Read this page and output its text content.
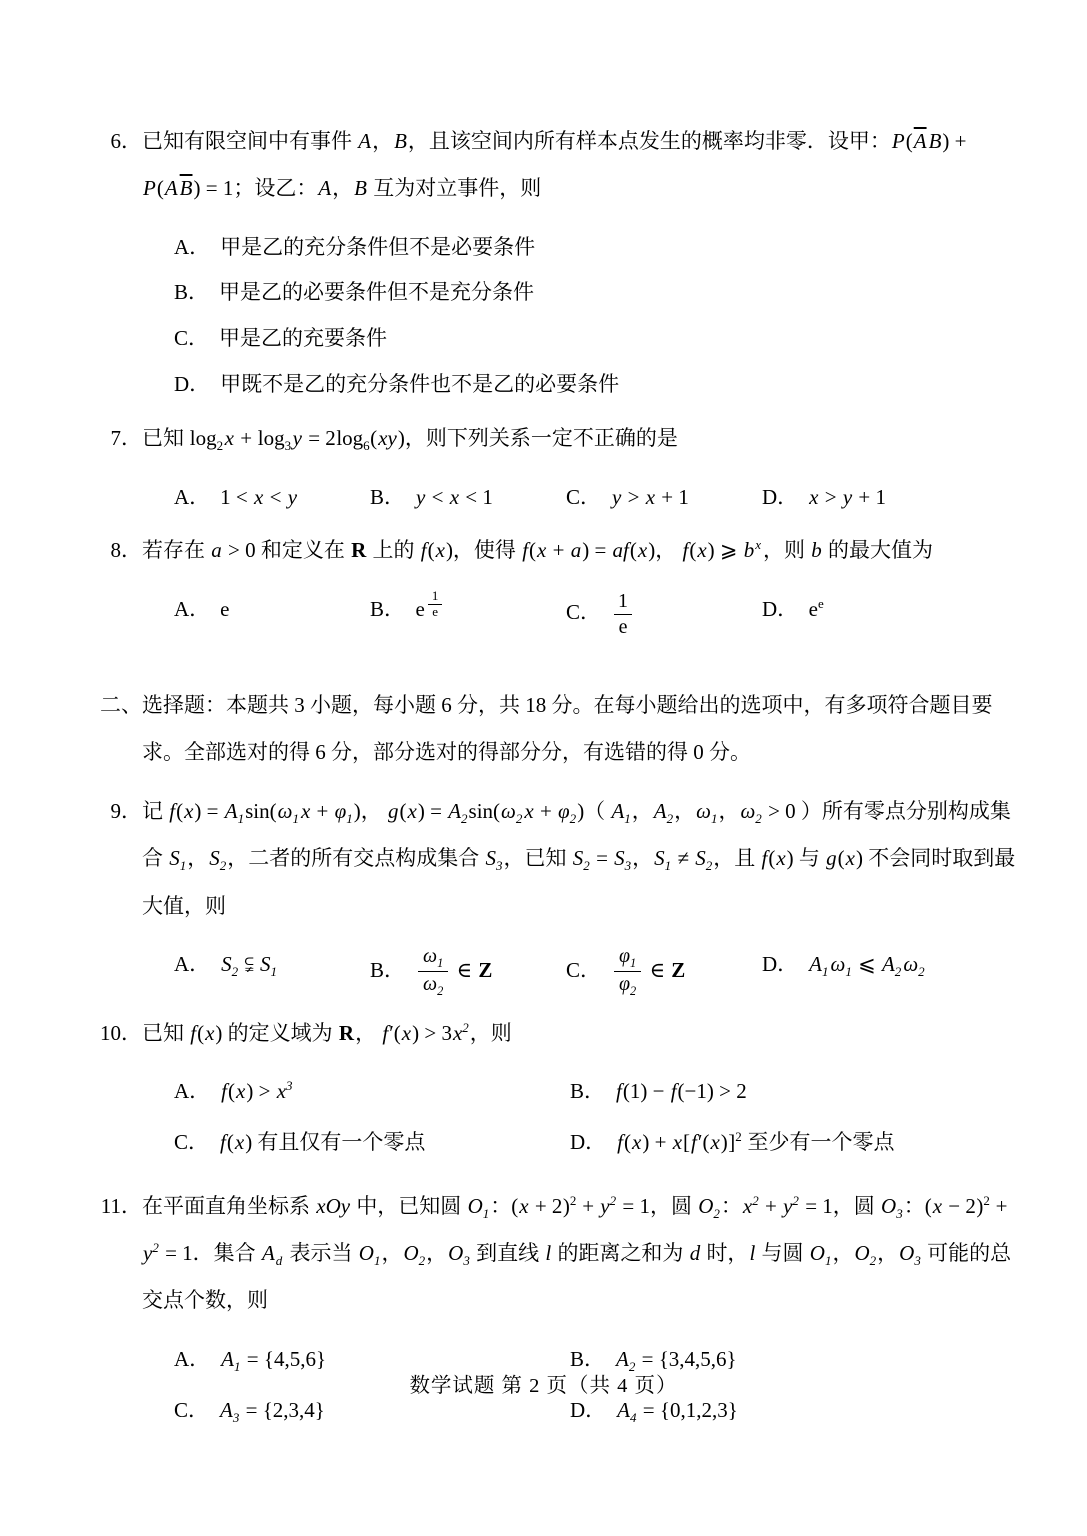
6． 已知有限空间中有事件 A，B，且该空间内所有样本点发生的概率均非零．设甲：$P(\overline{A}B) + P(A\overline{B}) = 1$；设乙：A，B 互为对立事件，则
A． 甲是乙的充分条件但不是必要条件
B． 甲是乙的必要条件但不是充分条件
C． 甲是乙的充要条件
D． 甲既不是乙的充分条件也不是乙的必要条件
7． 已知 $\log_2x + \log_3y = 2\log_6(xy)$，则下列关系一定不正确的是
A． 1 < x < y	B． y < x < 1	C． y > x + 1	D． x > y + 1
8． 若存在 a > 0 和定义在 R 上的 f(x)，使得 f(x + a) = af(x)， f(x) ⩾ $b^x$，则 b 的最大值为
A． e	B． e $^{\frac{1}{e}}$	C． $\frac{1}{e}$	D． $e^e$
二、 选择题：本题共 3 小题，每小题 6 分，共 18 分。在每小题给出的选项中，有多项符合题目要求。全部选对的得 6 分，部分选对的得部分分，有选错的得 0 分。
9． 记 $f(x) = A_1\sin(\omega_1x + \varphi_1)$， $g(x) = A_2\sin(\omega_2x + \varphi_2)$（ $A_1$，$A_2$，$\omega_1$，$\omega_2 > 0$ ）所有零点分别构成集合 $S_1$，$S_2$，二者的所有交点构成集合 $S_3$，已知 $S_2 = S_3$，$S_1 \ne S_2$，且 f(x) 与 g(x) 不会同时取到最大值，则
A． $S_2$ ⫋ $S_1$	B． $\frac{\omega_1}{\omega_2}$ ∈ Z	C． $\frac{\varphi_1}{\varphi_2}$ ∈ Z	D． $A_1\omega_1$ ⩽ $A_2\omega_2$
10． 已知 f(x) 的定义域为 R， $f'(x) > 3x^2$，则
A． $f(x) > x^3$	B． f(1) − f(−1) > 2
C． f(x) 有且仅有一个零点	D． $f(x) + x[f'(x)]^2$ 至少有一个零点
11． 在平面直角坐标系 xOy 中，已知圆 $O_1$：$(x + 2)^2 + y^2 = 1$，圆 $O_2$：$x^2 + y^2 = 1$，圆 $O_3$：$(x - 2)^2 + y^2 = 1$．集合 $A_d$ 表示当 $O_1$，$O_2$，$O_3$ 到直线 l 的距离之和为 d 时，l 与圆 $O_1$，$O_2$，$O_3$ 可能的总交点个数，则
A． $A_1 = \{4,5,6\}$	B． $A_2 = \{3,4,5,6\}$
C． $A_3 = \{2,3,4\}$	D． $A_4 = \{0,1,2,3\}$
数学试题 第 2 页（共 4 页）
